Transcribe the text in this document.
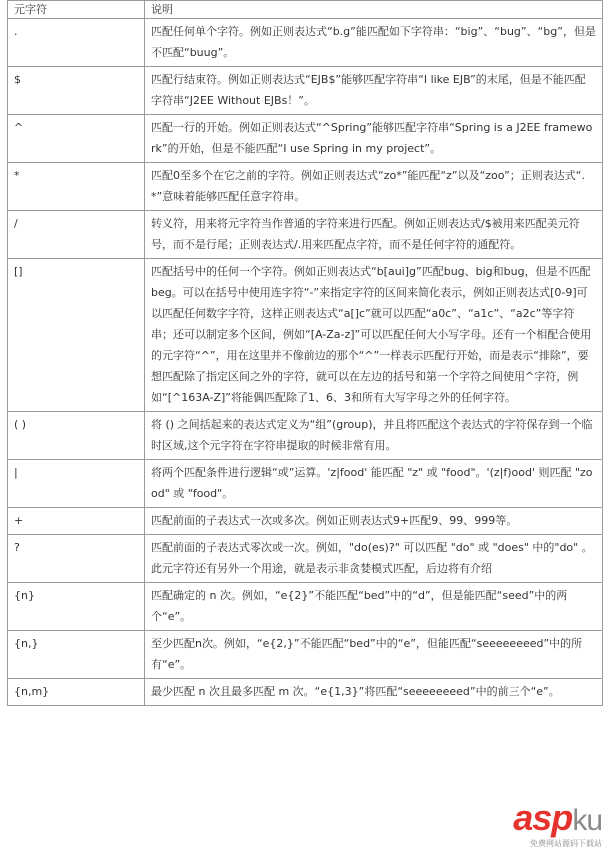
元字符	说明
.	匹配任何单个字符。例如正则表达式“b.g”能匹配如下字符串：“big”、“bug”、“bg”，但是不匹配“buug”。
$	匹配行结束符。例如正则表达式“EJB$”能够匹配字符串“I like EJB”的末尾，但是不能匹配字符串“J2EE Without EJBs！”。
^	匹配一行的开始。例如正则表达式“^Spring”能够匹配字符串“Spring is a J2EE framework”的开始，但是不能匹配“I use Spring in my project”。
*	匹配0至多个在它之前的字符。例如正则表达式“zo*”能匹配“z”以及“zoo”；正则表达式“.*”意味着能够匹配任意字符串。
/	转义符，用来将元字符当作普通的字符来进行匹配。例如正则表达式/$被用来匹配美元符号，而不是行尾；正则表达式/.用来匹配点字符，而不是任何字符的通配符。
[]	匹配括号中的任何一个字符。例如正则表达式“b[aui]g”匹配bug、big和bug，但是不匹配beg。可以在括号中使用连字符“-”来指定字符的区间来简化表示，例如正则表达式[0-9]可以匹配任何数字字符，这样正则表达式“a[]c”就可以匹配“a0c”、“a1c”、“a2c”等字符串；还可以制定多个区间，例如“[A-Za-z]”可以匹配任何大小写字母。还有一个相配合使用的元字符“^”，用在这里并不像前边的那个“^”一样表示匹配行开始，而是表示“排除”，要想匹配除了指定区间之外的字符，就可以在左边的括号和第一个字符之间使用^字符，例如“[^163A-Z]”将能偶匹配除了1、6、3和所有大写字母之外的任何字符。
( )	将 () 之间括起来的表达式定义为“组”(group)，并且将匹配这个表达式的字符保存到一个临时区域,这个元字符在字符串提取的时候非常有用。
|	将两个匹配条件进行逻辑“或”运算。'z|food' 能匹配 "z" 或 "food"。'(z|f)ood' 则匹配 "zood" 或 "food"。
+	匹配前面的子表达式一次或多次。例如正则表达式9+匹配9、99、999等。
?	匹配前面的子表达式零次或一次。例如，"do(es)?" 可以匹配 "do" 或 "does" 中的"do" 。此元字符还有另外一个用途，就是表示非贪婪模式匹配，后边将有介绍
{n}	匹配确定的 n 次。例如，“e{2}”不能匹配“bed”中的“d”，但是能匹配“seed”中的两个“e”。
{n,}	至少匹配n次。例如，“e{2,}”不能匹配“bed”中的“e”，但能匹配“seeeeeeeed”中的所有“e”。
{n,m}	最少匹配 n 次且最多匹配 m 次。“e{1,3}”将匹配“seeeeeeeed”中的前三个“e”。
aspku
免费网站源码下载站
